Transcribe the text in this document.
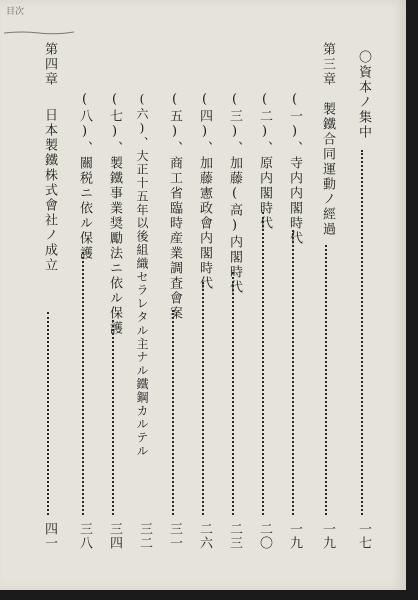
目次
〇資本ノ集中
一七
第三章
製鐵合同運動ノ經過
一九
(一)、寺内内閣時代
一九
(二)、原内閣時代
二〇
(三)、加藤(高)内閣時代
二三
(四)、加藤憲政會内閣時代
二六
(五)、商工省臨時産業調査會案
三一
(六)、大正十五年以後組織セラレタル主ナル鐵鋼カルテル
三二
(七)、製鐵事業奨勵法ニ依ル保護
三四
(八)、關税ニ依ル保護
三八
第四章
日本製鐵株式會社ノ成立
四一
